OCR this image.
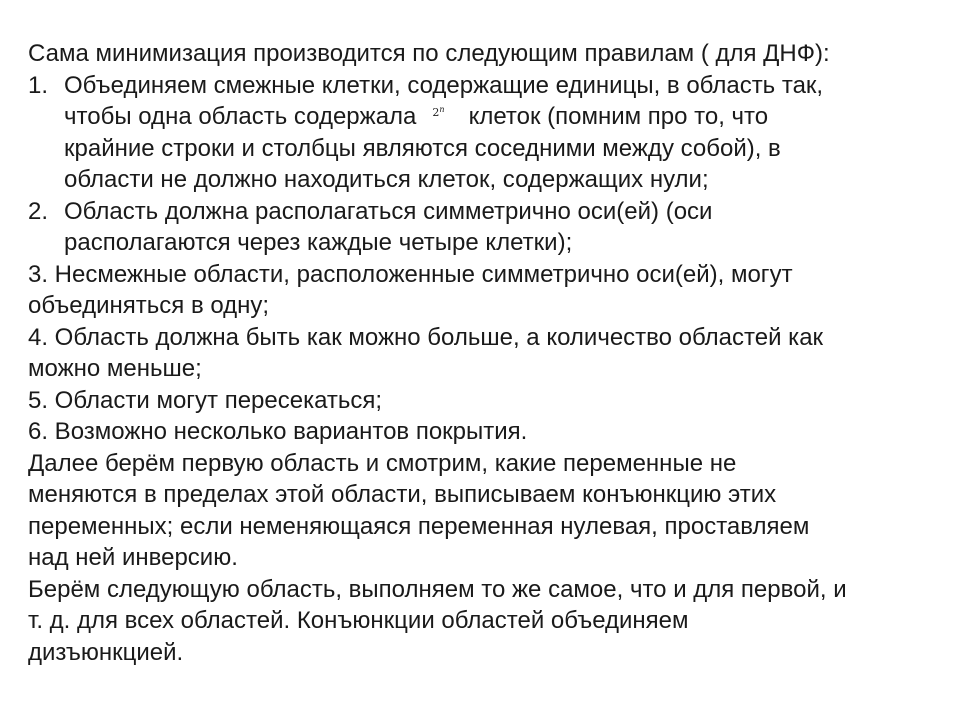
Сама минимизация производится по следующим правилам ( для ДНФ):

1. Объединяем смежные клетки, содержащие единицы, в область так,

чтобы одна область содержала 2$^n$ клеток (помним про то, что

крайние строки и столбцы являются соседними между собой), в

области не должно находиться клеток, содержащих нули;

2. Область должна располагаться симметрично оси(ей) (оси

располагаются через каждые четыре клетки);

3. Несмежные области, расположенные симметрично оси(ей), могут

объединяться в одну;

4. Область должна быть как можно больше, а количество областей как

можно меньше;

5. Области могут пересекаться;

6. Возможно несколько вариантов покрытия.

Далее берём первую область и смотрим, какие переменные не

меняются в пределах этой области, выписываем конъюнкцию этих

переменных; если неменяющаяся переменная нулевая, проставляем

над ней инверсию.

Берём следующую область, выполняем то же самое, что и для первой, и

т. д. для всех областей. Конъюнкции областей объединяем

дизъюнкцией.
